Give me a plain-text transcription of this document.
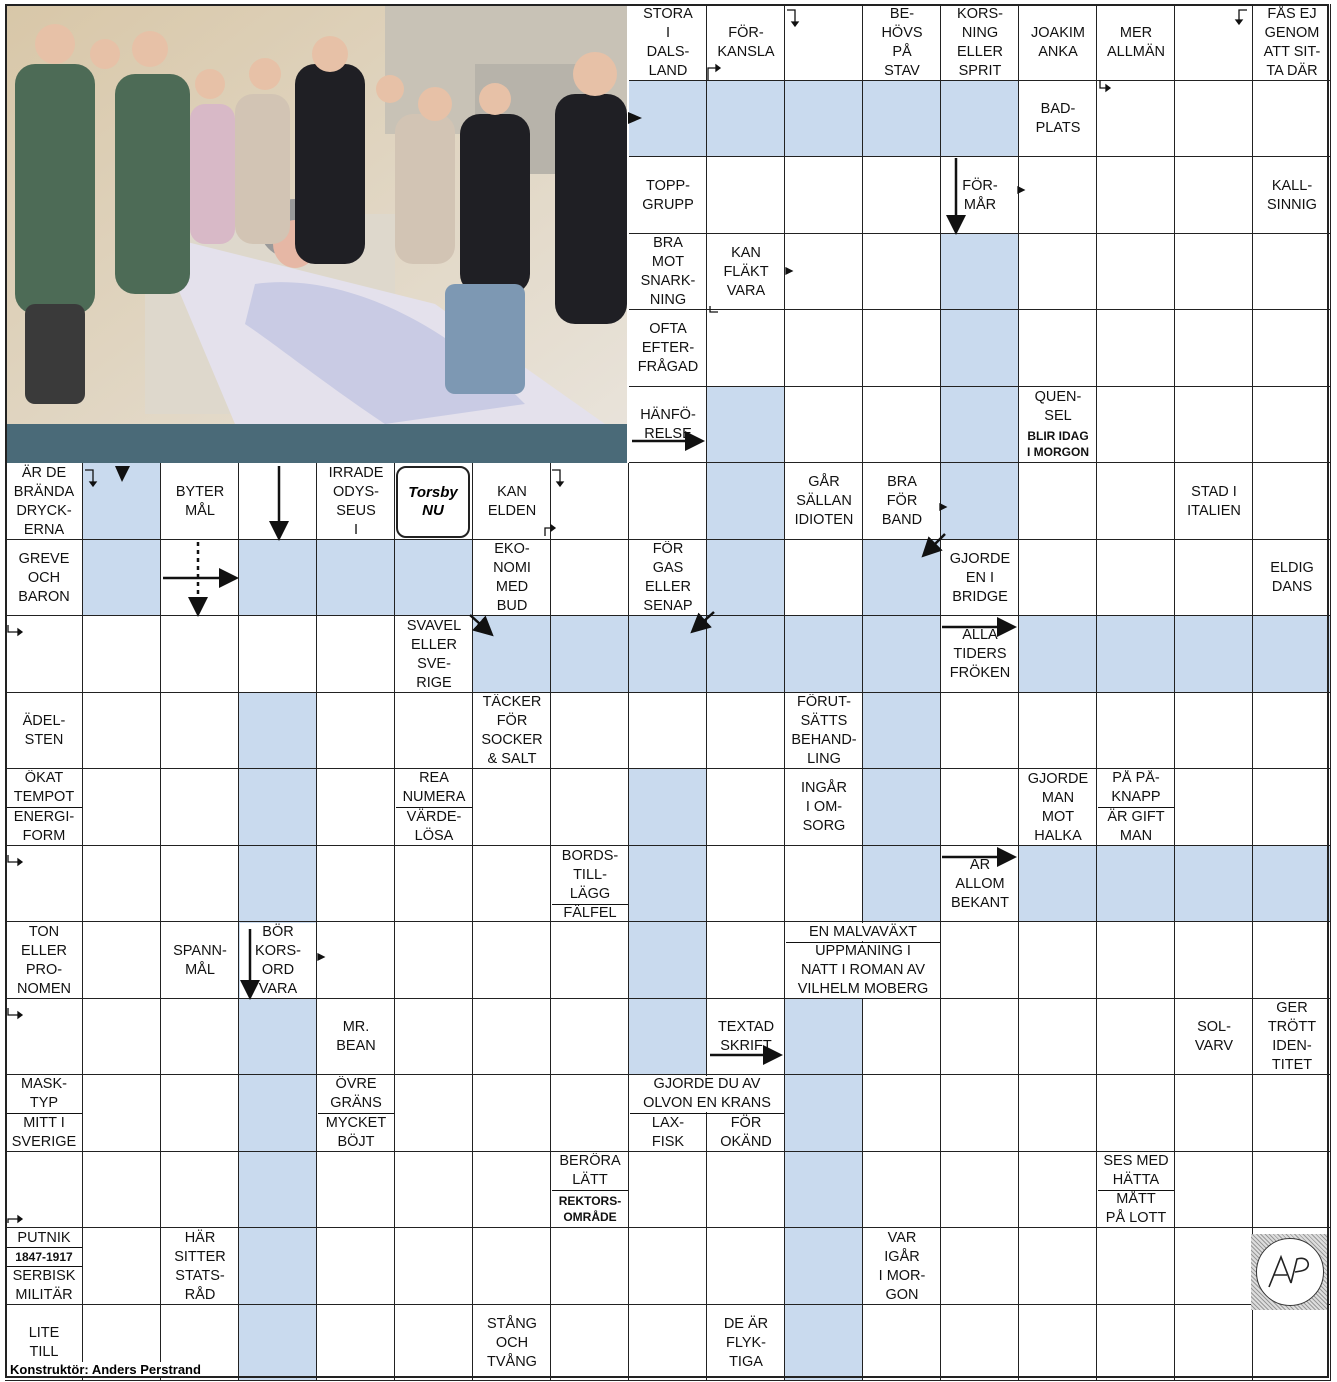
STORA
I
DALS-
LAND
FÖR-
KANSLA
BE-
HÖVS
PÅ
STAV
KORS-
NING
ELLER
SPRIT
JOAKIM
ANKA
MER
ALLMÄN
FÅS EJ
GENOM
ATT SIT-
TA DÄR
BAD-
PLATS
TOPP-
GRUPP
FÖR-
MÅR
KALL-
SINNIG
BRA
MOT
SNARK-
NING
KAN
FLÄKT
VARA
OFTA
EFTER-
FRÅGAD
HÄNFÖ-
RELSE
QUEN-
SEL
BLIR IDAG
I MORGON
ÄR DE
BRÄNDA
DRYCK-
ERNA
BYTER
MÅL
IRRADE
ODYS-
SEUS
I
KAN
ELDEN
GÅR
SÄLLAN
IDIOTEN
BRA
FÖR
BAND
STAD I
ITALIEN
GREVE
OCH
BARON
EKO-
NOMI
MED
BUD
FÖR
GAS
ELLER
SENAP
GJORDE
EN I
BRIDGE
ELDIG
DANS
SVAVEL
ELLER
SVE-
RIGE
ALLA
TIDERS
FRÖKEN
ÄDEL-
STEN
TÄCKER
FÖR
SOCKER
& SALT
FÖRUT-
SÄTTS
BEHAND-
LING
ÖKAT
TEMPOT
ENERGI-
FORM
REA
NUMERA
VÄRDE-
LÖSA
INGÅR
I OM-
SORG
GJORDE
MAN
MOT
HALKA
PÅ PÅ-
KNAPP
ÄR GIFT
MAN
BORDS-
TILL-
LÄGG
FÄLFEL
ÄR
ALLOM
BEKANT
TON
ELLER
PRO-
NOMEN
SPANN-
MÅL
BÖR
KORS-
ORD
VARA
EN MALVAVÄXT
UPPMANING I
NATT I ROMAN AV
VILHELM MOBERG
MR.
BEAN
TEXTAD
SKRIFT
SOL-
VARV
GER
TRÖTT
IDEN-
TITET
MASK-
TYP
MITT I
SVERIGE
ÖVRE
GRÄNS
MYCKET
BÖJT
GJORDE DU AV
OLVON EN KRANS
LAX-
FISK
FÖR
OKÄND
BERÖRA
LÄTT
REKTORS-
OMRÅDE
SES MED
HÄTTA
MÅTT
PÅ LOTT
PUTNIK
1847-1917
SERBISK
MILITÄR
HÄR
SITTER
STATS-
RÅD
VAR
IGÅR
I MOR-
GON
LITE
TILL
STÅNG
OCH
TVÅNG
DE ÄR
FLYK-
TIGA
Torsby
NU
Konstruktör: Anders Perstrand
